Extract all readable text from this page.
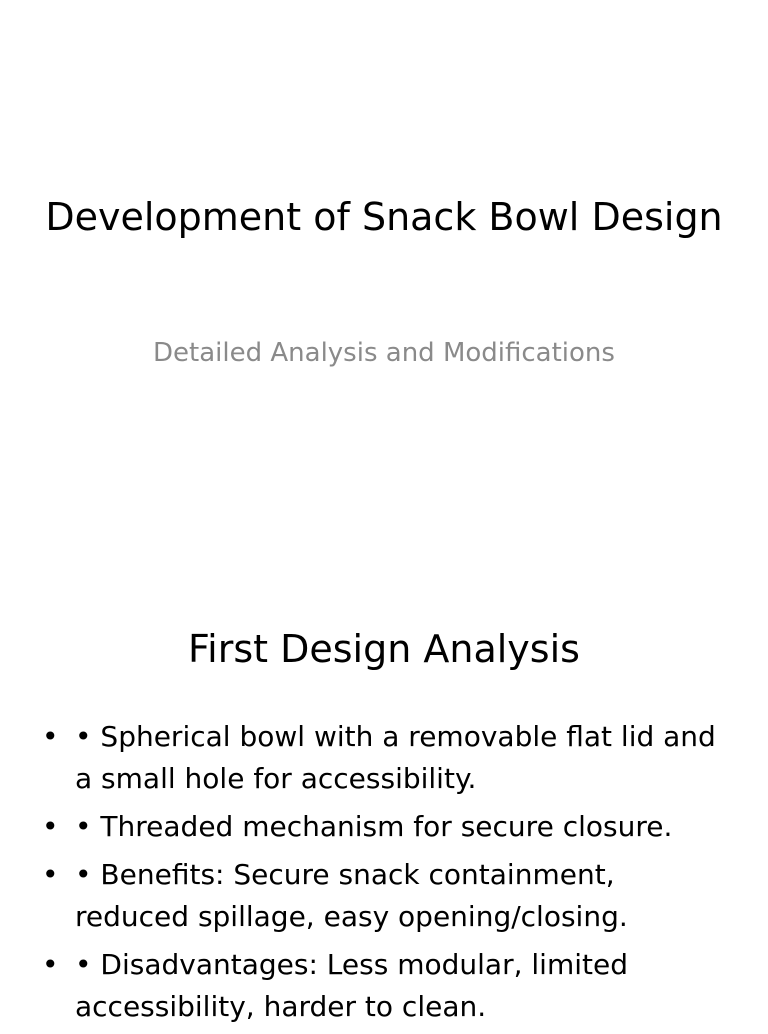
Development of Snack Bowl Design

Detailed Analysis and Modifications

First Design Analysis
• • Spherical bowl with a removable flat lid and a small hole for accessibility.
• • Threaded mechanism for secure closure.
• • Benefits: Secure snack containment, reduced spillage, easy opening/closing.
• • Disadvantages: Less modular, limited accessibility, harder to clean.
